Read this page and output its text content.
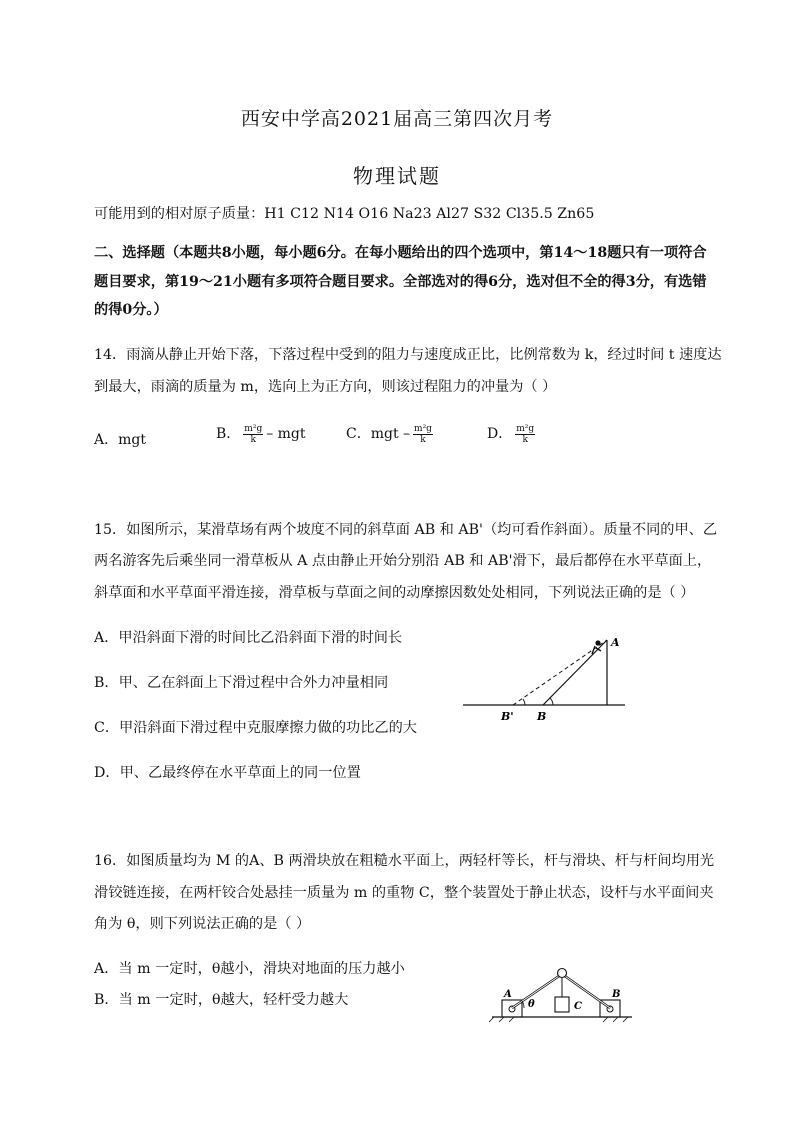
西安中学高2021届高三第四次月考
物理试题
可能用到的相对原子质量：H1 C12 N14 O16 Na23 Al27 S32 Cl35.5 Zn65
二、选择题（本题共8小题，每小题6分。在每小题给出的四个选项中，第14～18题只有一项符合
题目要求，第19～21小题有多项符合题目要求。全部选对的得6分，选对但不全的得3分，有选错
的得0分。）
14．雨滴从静止开始下落，下落过程中受到的阻力与速度成正比，比例常数为 k，经过时间 t 速度达
到最大，雨滴的质量为 m，选向上为正方向，则该过程阻力的冲量为（ ）
A．mgt	B． $\frac{\text{m²g}}{k}$ – mgt	C．mgt – $\frac{\text{m²g}}{k}$	D． $\frac{\text{m²g}}{k}$
15．如图所示，某滑草场有两个坡度不同的斜草面 AB 和 AB'（均可看作斜面）。质量不同的甲、乙
两名游客先后乘坐同一滑草板从 A 点由静止开始分别沿 AB 和 AB'滑下，最后都停在水平草面上，
斜草面和水平草面平滑连接，滑草板与草面之间的动摩擦因数处处相同，下列说法正确的是（ ）
A．甲沿斜面下滑的时间比乙沿斜面下滑的时间长
B．甲、乙在斜面上下滑过程中合外力冲量相同
C．甲沿斜面下滑过程中克服摩擦力做的功比乙的大
D．甲、乙最终停在水平草面上的同一位置
A
B
B'
16．如图质量均为 M 的A、B 两滑块放在粗糙水平面上，两轻杆等长，杆与滑块、杆与杆间均用光
滑铰链连接，在两杆铰合处悬挂一质量为 m 的重物 C，整个装置处于静止状态，设杆与水平面间夹
角为 θ，则下列说法正确的是（ ）
A．当 m 一定时，θ越小，滑块对地面的压力越小
B．当 m 一定时，θ越大，轻杆受力越大	A	B
C
θ
